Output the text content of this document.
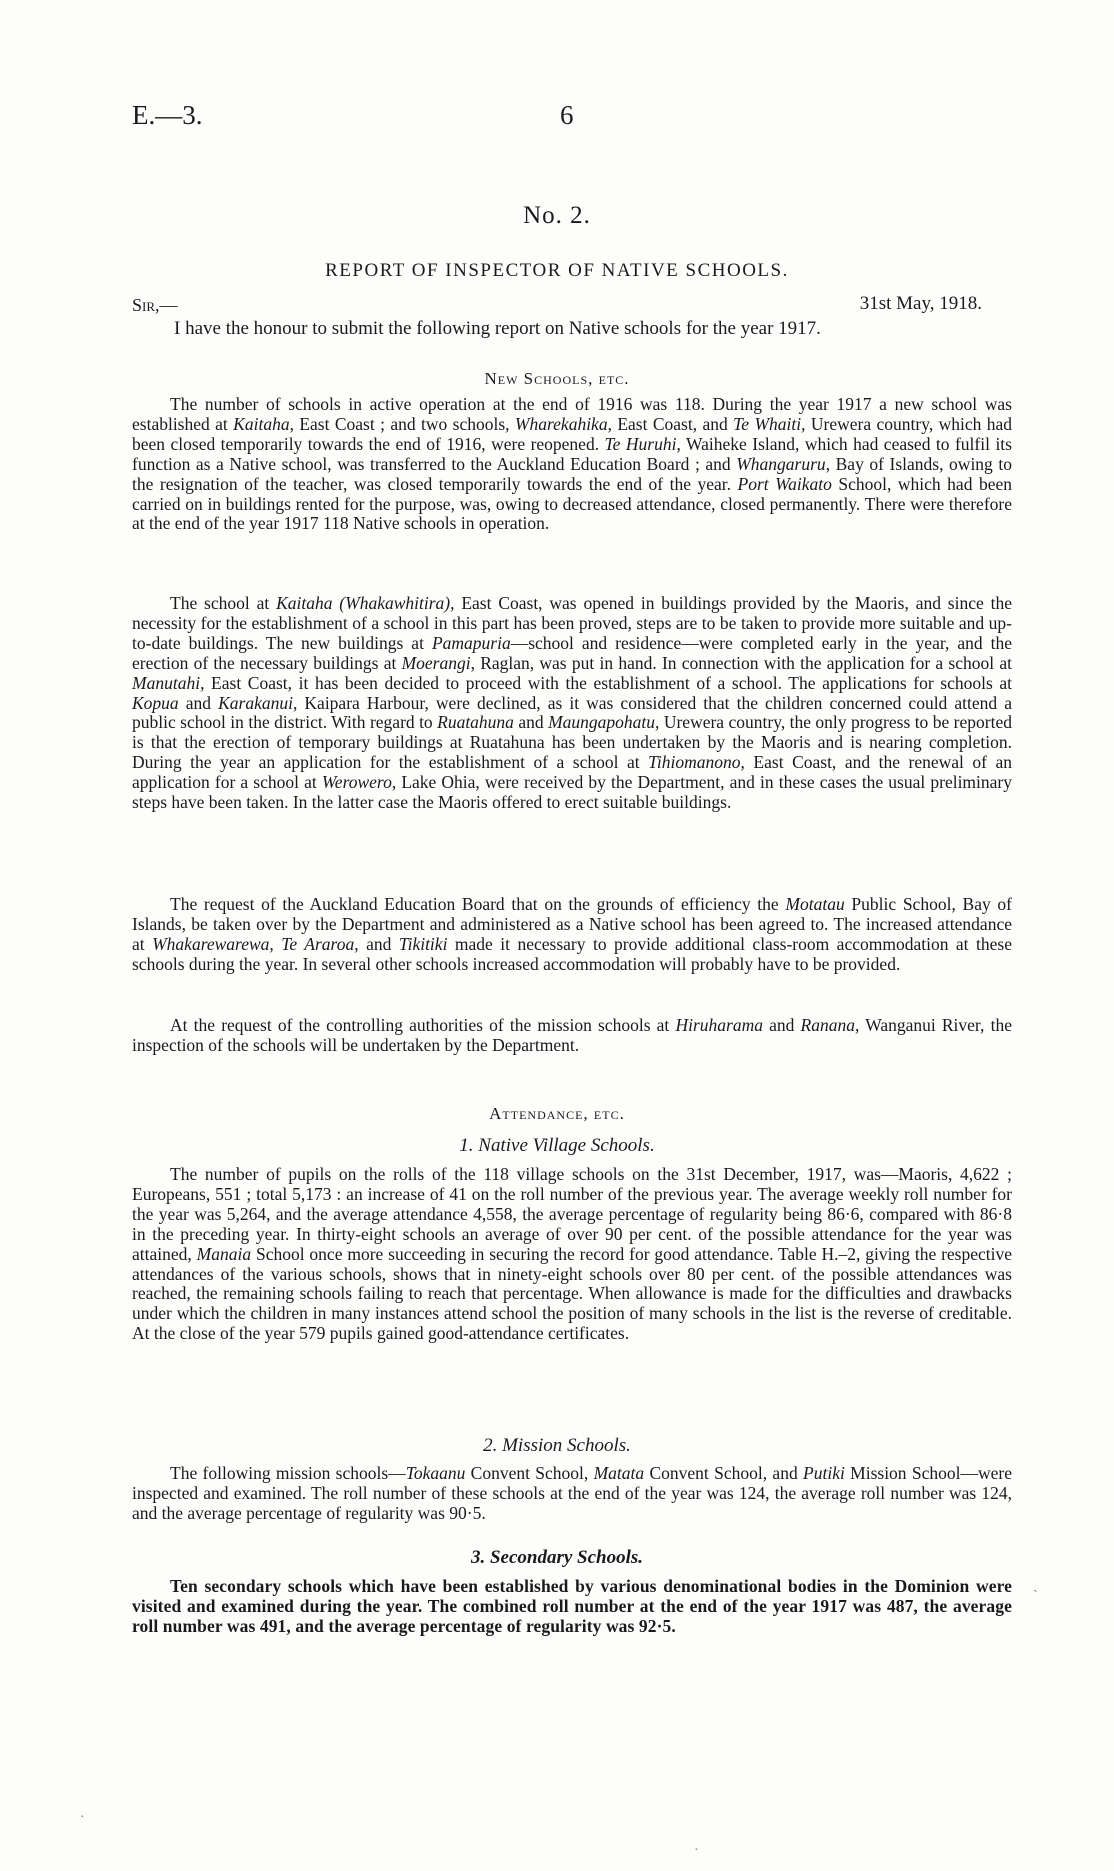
E.—3.	6
No. 2.
REPORT OF INSPECTOR OF NATIVE SCHOOLS.
Sir,—	31st May, 1918.

I have the honour to submit the following report on Native schools for the year 1917.

New Schools, etc.

The number of schools in active operation at the end of 1916 was 118. During the year 1917 a new school was established at Kaitaha, East Coast ; and two schools, Wharekahika, East Coast, and Te Whaiti, Urewera country, which had been closed temporarily towards the end of 1916, were reopened. Te Huruhi, Waiheke Island, which had ceased to fulfil its function as a Native school, was transferred to the Auckland Education Board ; and Whangaruru, Bay of Islands, owing to the resignation of the teacher, was closed temporarily towards the end of the year. Port Waikato School, which had been carried on in buildings rented for the purpose, was, owing to decreased attendance, closed permanently. There were therefore at the end of the year 1917 118 Native schools in operation.

The school at Kaitaha (Whakawhitira), East Coast, was opened in buildings provided by the Maoris, and since the necessity for the establishment of a school in this part has been proved, steps are to be taken to provide more suitable and up-to-date buildings. The new buildings at Pamapuria—school and residence—were completed early in the year, and the erection of the necessary buildings at Moerangi, Raglan, was put in hand. In connection with the application for a school at Manutahi, East Coast, it has been decided to proceed with the establishment of a school. The applications for schools at Kopua and Karakanui, Kaipara Harbour, were declined, as it was considered that the children concerned could attend a public school in the district. With regard to Ruatahuna and Maungapohatu, Urewera country, the only progress to be reported is that the erection of temporary buildings at Ruatahuna has been undertaken by the Maoris and is nearing completion. During the year an application for the establishment of a school at Tihiomanono, East Coast, and the renewal of an application for a school at Werowero, Lake Ohia, were received by the Department, and in these cases the usual preliminary steps have been taken. In the latter case the Maoris offered to erect suitable buildings.

The request of the Auckland Education Board that on the grounds of efficiency the Motatau Public School, Bay of Islands, be taken over by the Department and administered as a Native school has been agreed to. The increased attendance at Whakarewarewa, Te Araroa, and Tikitiki made it necessary to provide additional class-room accommodation at these schools during the year. In several other schools increased accommodation will probably have to be provided.

At the request of the controlling authorities of the mission schools at Hiruharama and Ranana, Wanganui River, the inspection of the schools will be undertaken by the Department.

Attendance, etc.
1. Native Village Schools.

The number of pupils on the rolls of the 118 village schools on the 31st December, 1917, was—Maoris, 4,622 ; Europeans, 551 ; total 5,173 : an increase of 41 on the roll number of the previous year. The average weekly roll number for the year was 5,264, and the average attendance 4,558, the average percentage of regularity being 86·6, compared with 86·8 in the preceding year. In thirty-eight schools an average of over 90 per cent. of the possible attendance for the year was attained, Manaia School once more succeeding in securing the record for good attendance. Table H.–2, giving the respective attendances of the various schools, shows that in ninety-eight schools over 80 per cent. of the possible attendances was reached, the remaining schools failing to reach that percentage. When allowance is made for the difficulties and drawbacks under which the children in many instances attend school the position of many schools in the list is the reverse of creditable. At the close of the year 579 pupils gained good-attendance certificates.

2. Mission Schools.

The following mission schools—Tokaanu Convent School, Matata Convent School, and Putiki Mission School—were inspected and examined. The roll number of these schools at the end of the year was 124, the average roll number was 124, and the average percentage of regularity was 90·5.

3. Secondary Schools.

Ten secondary schools which have been established by various denominational bodies in the Dominion were visited and examined during the year. The combined roll number at the end of the year 1917 was 487, the average roll number was 491, and the average percentage of regularity was 92·5.

ˏ
·
·
